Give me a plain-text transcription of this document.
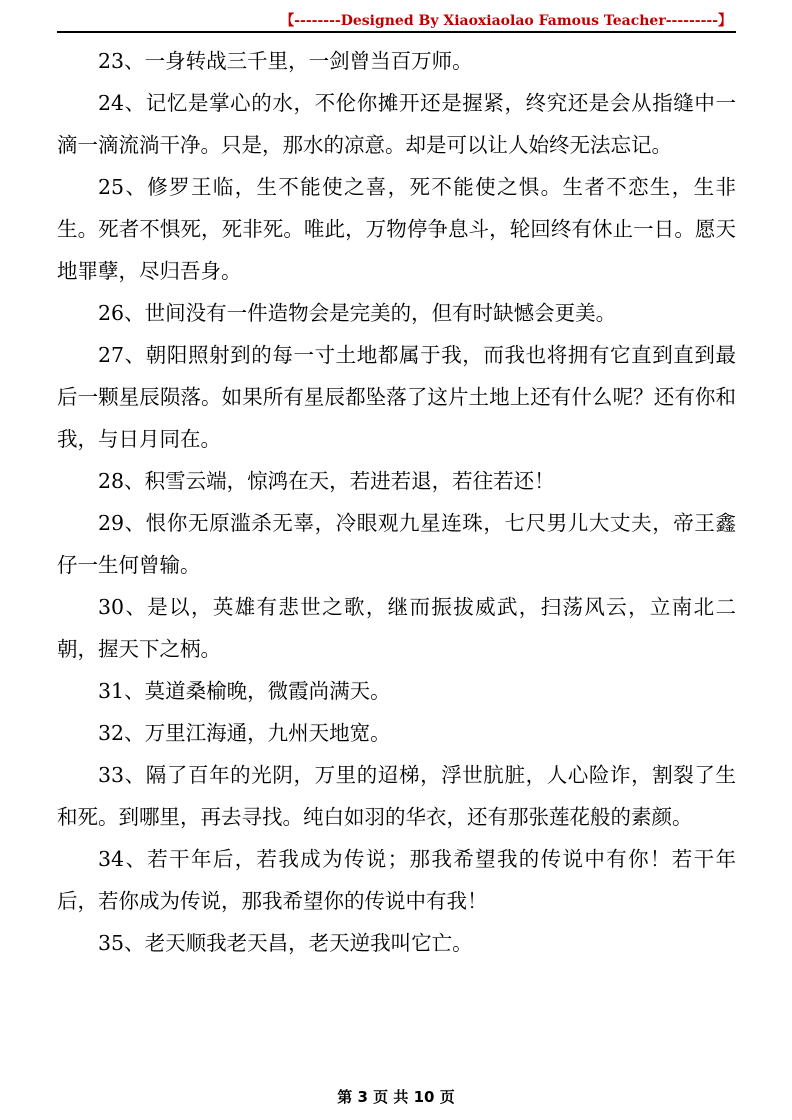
【--------Designed By Xiaoxiaolao Famous Teacher---------】

23、一身转战三千里，一剑曾当百万师。

24、记忆是掌心的水，不伦你摊开还是握紧，终究还是会从指缝中一滴一滴流淌干净。只是，那水的凉意。却是可以让人始终无法忘记。

25、修罗王临，生不能使之喜，死不能使之惧。生者不恋生，生非生。死者不惧死，死非死。唯此，万物停争息斗，轮回终有休止一日。愿天地罪孽，尽归吾身。

26、世间没有一件造物会是完美的，但有时缺憾会更美。

27、朝阳照射到的每一寸土地都属于我，而我也将拥有它直到直到最后一颗星辰陨落。如果所有星辰都坠落了这片土地上还有什么呢？还有你和我，与日月同在。

28、积雪云端，惊鸿在天，若进若退，若往若还！

29、恨你无原滥杀无辜，冷眼观九星连珠，七尺男儿大丈夫，帝王鑫仔一生何曾输。

30、是以，英雄有悲世之歌，继而振拔威武，扫荡风云，立南北二朝，握天下之柄。

31、莫道桑榆晚，微霞尚满天。

32、万里江海通，九州天地宽。

33、隔了百年的光阴，万里的迢梯，浮世肮脏，人心险诈，割裂了生和死。到哪里，再去寻找。纯白如羽的华衣，还有那张莲花般的素颜。

34、若干年后，若我成为传说；那我希望我的传说中有你！若干年后，若你成为传说，那我希望你的传说中有我！

35、老天顺我老天昌，老天逆我叫它亡。

第 3 页 共 10 页
